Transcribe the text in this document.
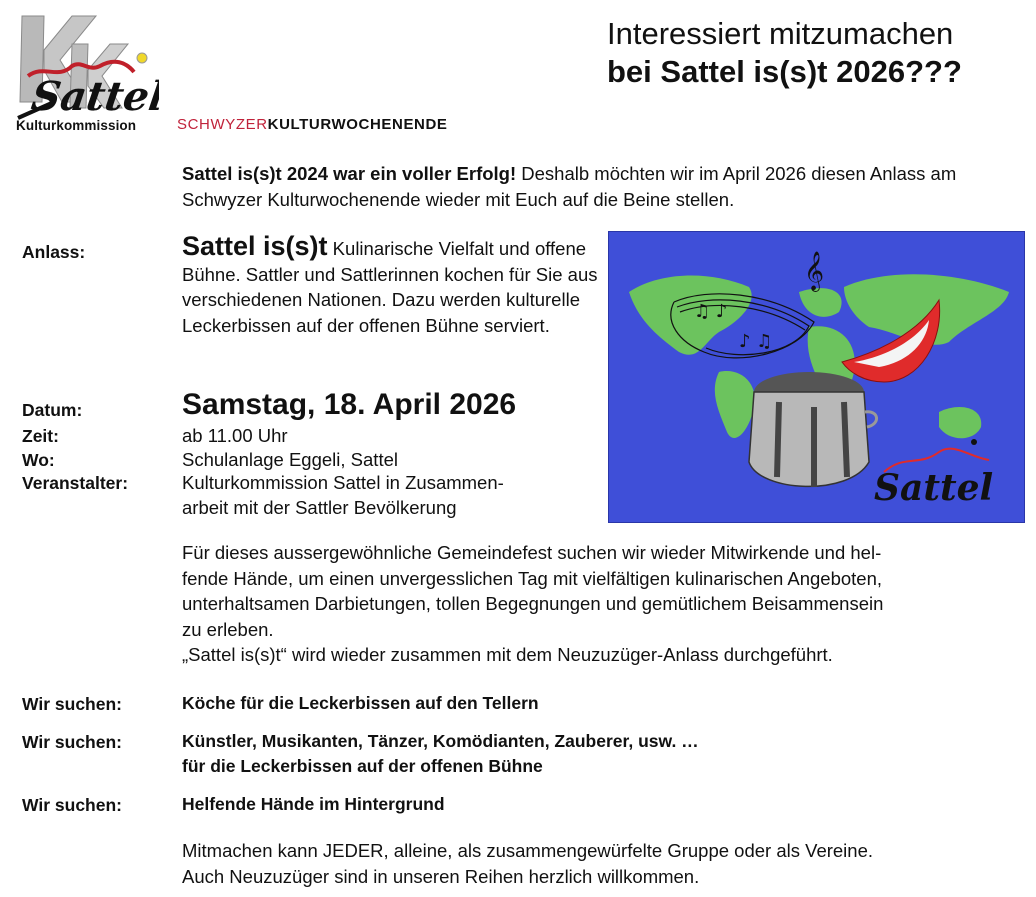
Sattel
Kulturkommission	SCHWYZERKULTURWOCHENENDE
Interessiert mitzumachen
bei Sattel is(s)t 2026???
Sattel is(s)t 2024 war ein voller Erfolg! Deshalb möchten wir im April 2026 diesen Anlass am Schwyzer Kulturwochenende wieder mit Euch auf die Beine stellen.
Anlass:	Sattel is(s)t Kulinarische Vielfalt und offene Bühne. Sattler und Sattlerinnen kochen für Sie aus verschiedenen Nationen. Dazu werden kulturelle Leckerbissen auf der offenen Bühne serviert.
Datum:	Samstag, 18. April 2026
Zeit:	ab 11.00 Uhr
Wo:	Schulanlage Eggeli, Sattel
Veranstalter:	Kulturkommission Sattel in Zusammen-
arbeit mit der Sattler Bevölkerung
𝄞
♫ ♪
♪ ♫
Sattel
Für dieses aussergewöhnliche Gemeindefest suchen wir wieder Mitwirkende und hel-
fende Hände, um einen unvergesslichen Tag mit vielfältigen kulinarischen Angeboten,
unterhaltsamen Darbietungen, tollen Begegnungen und gemütlichem Beisammensein
zu erleben.
„Sattel is(s)t“ wird wieder zusammen mit dem Neuzuzüger-Anlass durchgeführt.
Wir suchen:	Köche für die Leckerbissen auf den Tellern
Wir suchen:	Künstler, Musikanten, Tänzer, Komödianten, Zauberer, usw. …
für die Leckerbissen auf der offenen Bühne
Wir suchen:	Helfende Hände im Hintergrund
Mitmachen kann JEDER, alleine, als zusammengewürfelte Gruppe oder als Vereine.
Auch Neuzuzüger sind in unseren Reihen herzlich willkommen.
